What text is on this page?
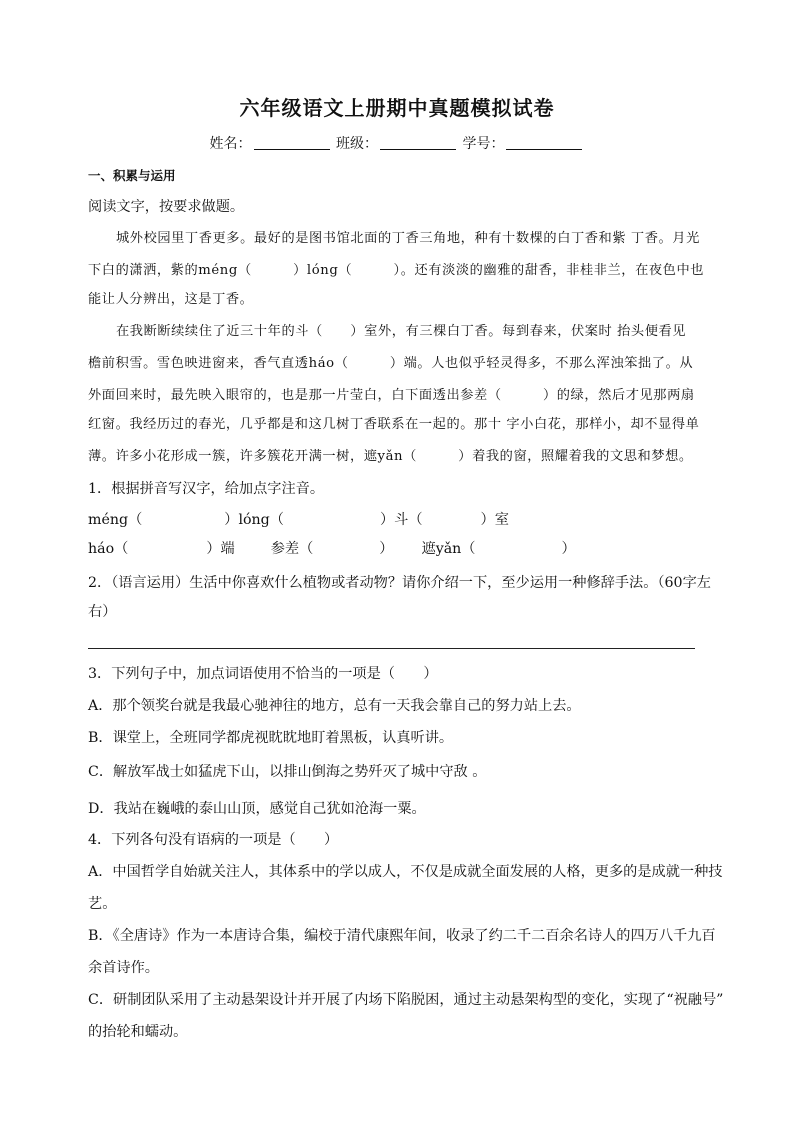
六年级语文上册期中真题模拟试卷
姓名：	班级：	学号：
一、积累与运用
阅读文字，按要求做题。
城外校园里丁香更多。最好的是图书馆北面的丁香三角地，种有十数棵的白丁香和紫 丁香。月光
下白的潇洒，紫的méng（　　　）lóng（　　　）。还有淡淡的幽雅的甜香，非桂非兰，在夜色中也
能让人分辨出，这是丁香。
在我断断续续住了近三十年的斗（　　）室外，有三棵白丁香。每到春来，伏案时 抬头便看见
檐前积雪。雪色映进窗来，香气直透háo（　　　）端。人也似乎轻灵得多，不那么浑浊笨拙了。从
外面回来时，最先映入眼帘的，也是那一片莹白，白下面透出参差（　　　）的绿，然后才见那两扇
红窗。我经历过的春光，几乎都是和这几树丁香联系在一起的。那十 字小白花，那样小，却不显得单
薄。许多小花形成一簇，许多簇花开满一树，遮yǎn（　　　）着我的窗，照耀着我的文思和梦想。
1．根据拼音写汉字，给加点字注音。
méng（	）lóng（	）斗（	）室
háo（	）端	参差（	） 遮yǎn（	）
2．（语言运用）生活中你喜欢什么植物或者动物？请你介绍一下，至少运用一种修辞手法。（60字左
右）
3．下列句子中，加点词语使用不恰当的一项是（　　）
A．那个领奖台就是我最心驰神往的地方，总有一天我会靠自己的努力站上去。
B．课堂上，全班同学都虎视眈眈地盯着黑板，认真听讲。
C．解放军战士如猛虎下山，以排山倒海之势歼灭了城中守敌 。
D．我站在巍峨的泰山山顶，感觉自己犹如沧海一粟。
4．下列各句没有语病的一项是（　　）
A．中国哲学自始就关注人，其体系中的学以成人，不仅是成就全面发展的人格，更多的是成就一种技
艺。
B．《全唐诗》作为一本唐诗合集，编校于清代康熙年间，收录了约二千二百余名诗人的四万八千九百
余首诗作。
C．研制团队采用了主动悬架设计并开展了内场下陷脱困，通过主动悬架构型的变化，实现了“祝融号”
的抬轮和蠕动。
